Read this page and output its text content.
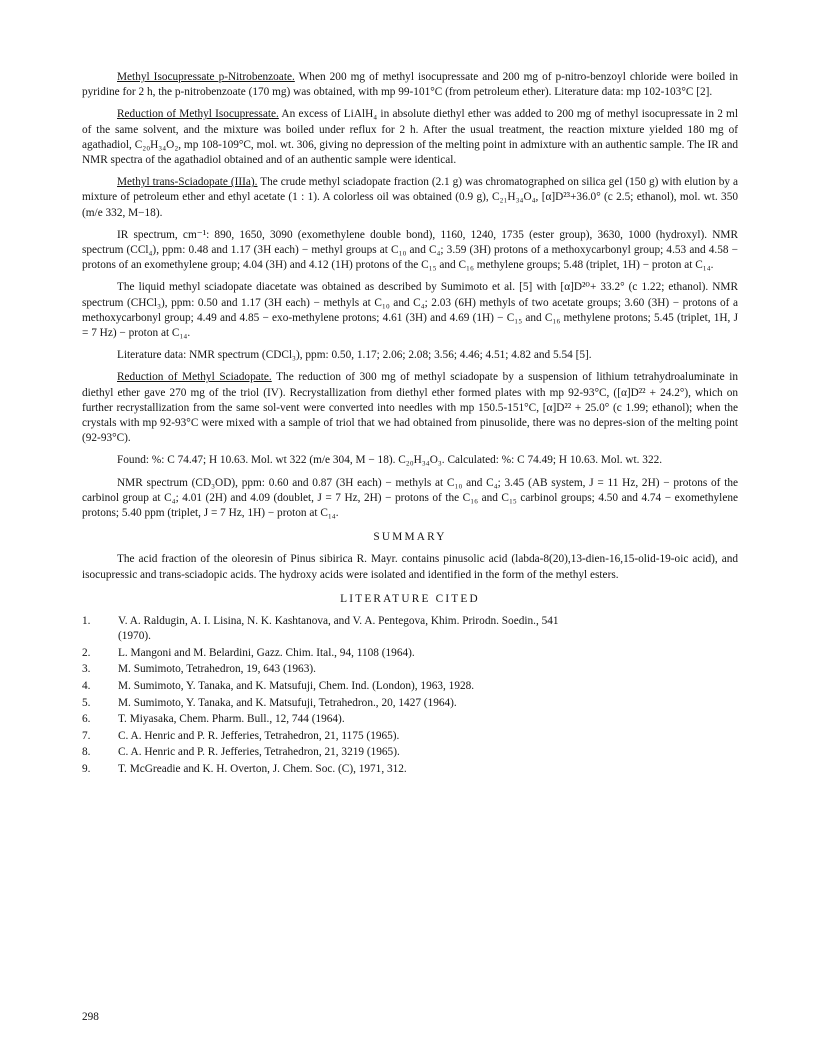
Methyl Isocupressate p-Nitrobenzoate. When 200 mg of methyl isocupressate and 200 mg of p-nitro-benzoyl chloride were boiled in pyridine for 2 h, the p-nitrobenzoate (170 mg) was obtained, with mp 99-101°C (from petroleum ether). Literature data: mp 102-103°C [2].

Reduction of Methyl Isocupressate. An excess of LiAlH₄ in absolute diethyl ether was added to 200 mg of methyl isocupressate in 2 ml of the same solvent, and the mixture was boiled under reflux for 2 h. After the usual treatment, the reaction mixture yielded 180 mg of agathadiol, C₂₀H₃₄O₂, mp 108-109°C, mol. wt. 306, giving no depression of the melting point in admixture with an authentic sample. The IR and NMR spectra of the agathadiol obtained and of an authentic sample were identical.

Methyl trans-Sciadopate (IIIa). The crude methyl sciadopate fraction (2.1 g) was chromatographed on silica gel (150 g) with elution by a mixture of petroleum ether and ethyl acetate (1 : 1). A colorless oil was obtained (0.9 g), C₂₁H₃₄O₄, [α]D²³+36.0° (c 2.5; ethanol), mol. wt. 350 (m/e 332, M−18).

IR spectrum, cm⁻¹: 890, 1650, 3090 (exomethylene double bond), 1160, 1240, 1735 (ester group), 3630, 1000 (hydroxyl). NMR spectrum (CCl₄), ppm: 0.48 and 1.17 (3H each) − methyl groups at C₁₀ and C₄; 3.59 (3H) protons of a methoxycarbonyl group; 4.53 and 4.58 − protons of an exomethylene group; 4.04 (3H) and 4.12 (1H) protons of the C₁₅ and C₁₆ methylene groups; 5.48 (triplet, 1H) − proton at C₁₄.

The liquid methyl sciadopate diacetate was obtained as described by Sumimoto et al. [5] with [α]D²⁰+ 33.2° (c 1.22; ethanol). NMR spectrum (CHCl₃), ppm: 0.50 and 1.17 (3H each) − methyls at C₁₀ and C₄; 2.03 (6H) methyls of two acetate groups; 3.60 (3H) − protons of a methoxycarbonyl group; 4.49 and 4.85 − exo-methylene protons; 4.61 (3H) and 4.69 (1H) − C₁₅ and C₁₆ methylene protons; 5.45 (triplet, 1H, J = 7 Hz) − proton at C₁₄.

Literature data: NMR spectrum (CDCl₃), ppm: 0.50, 1.17; 2.06; 2.08; 3.56; 4.46; 4.51; 4.82 and 5.54 [5].

Reduction of Methyl Sciadopate. The reduction of 300 mg of methyl sciadopate by a suspension of lithium tetrahydroaluminate in diethyl ether gave 270 mg of the triol (IV). Recrystallization from diethyl ether formed plates with mp 92-93°C, ([α]D²² + 24.2°), which on further recrystallization from the same sol-vent were converted into needles with mp 150.5-151°C, [α]D²² + 25.0° (c 1.99; ethanol); when the crystals with mp 92-93°C were mixed with a sample of triol that we had obtained from pinusolide, there was no depres-sion of the melting point (92-93°C).

Found: %: C 74.47; H 10.63. Mol. wt 322 (m/e 304, M − 18). C₂₀H₃₄O₃. Calculated: %: C 74.49; H 10.63. Mol. wt. 322.

NMR spectrum (CD₃OD), ppm: 0.60 and 0.87 (3H each) − methyls at C₁₀ and C₄; 3.45 (AB system, J = 11 Hz, 2H) − protons of the carbinol group at C₄; 4.01 (2H) and 4.09 (doublet, J = 7 Hz, 2H) − protons of the C₁₆ and C₁₅ carbinol groups; 4.50 and 4.74 − exomethylene protons; 5.40 ppm (triplet, J = 7 Hz, 1H) − proton at C₁₄.

SUMMARY

The acid fraction of the oleoresin of Pinus sibirica R. Mayr. contains pinusolic acid (labda-8(20),13-dien-16,15-olid-19-oic acid), and isocupressic and trans-sciadopic acids. The hydroxy acids were isolated and identified in the form of the methyl esters.

LITERATURE CITED
1.	V. A. Raldugin, A. I. Lisina, N. K. Kashtanova, and V. A. Pentegova, Khim. Prirodn. Soedin., 541
(1970).
2.	L. Mangoni and M. Belardini, Gazz. Chim. Ital., 94, 1108 (1964).
3.	M. Sumimoto, Tetrahedron, 19, 643 (1963).
4.	M. Sumimoto, Y. Tanaka, and K. Matsufuji, Chem. Ind. (London), 1963, 1928.
5.	M. Sumimoto, Y. Tanaka, and K. Matsufuji, Tetrahedron., 20, 1427 (1964).
6.	T. Miyasaka, Chem. Pharm. Bull., 12, 744 (1964).
7.	C. A. Henric and P. R. Jefferies, Tetrahedron, 21, 1175 (1965).
8.	C. A. Henric and P. R. Jefferies, Tetrahedron, 21, 3219 (1965).
9.	T. McGreadie and K. H. Overton, J. Chem. Soc. (C), 1971, 312.
298
